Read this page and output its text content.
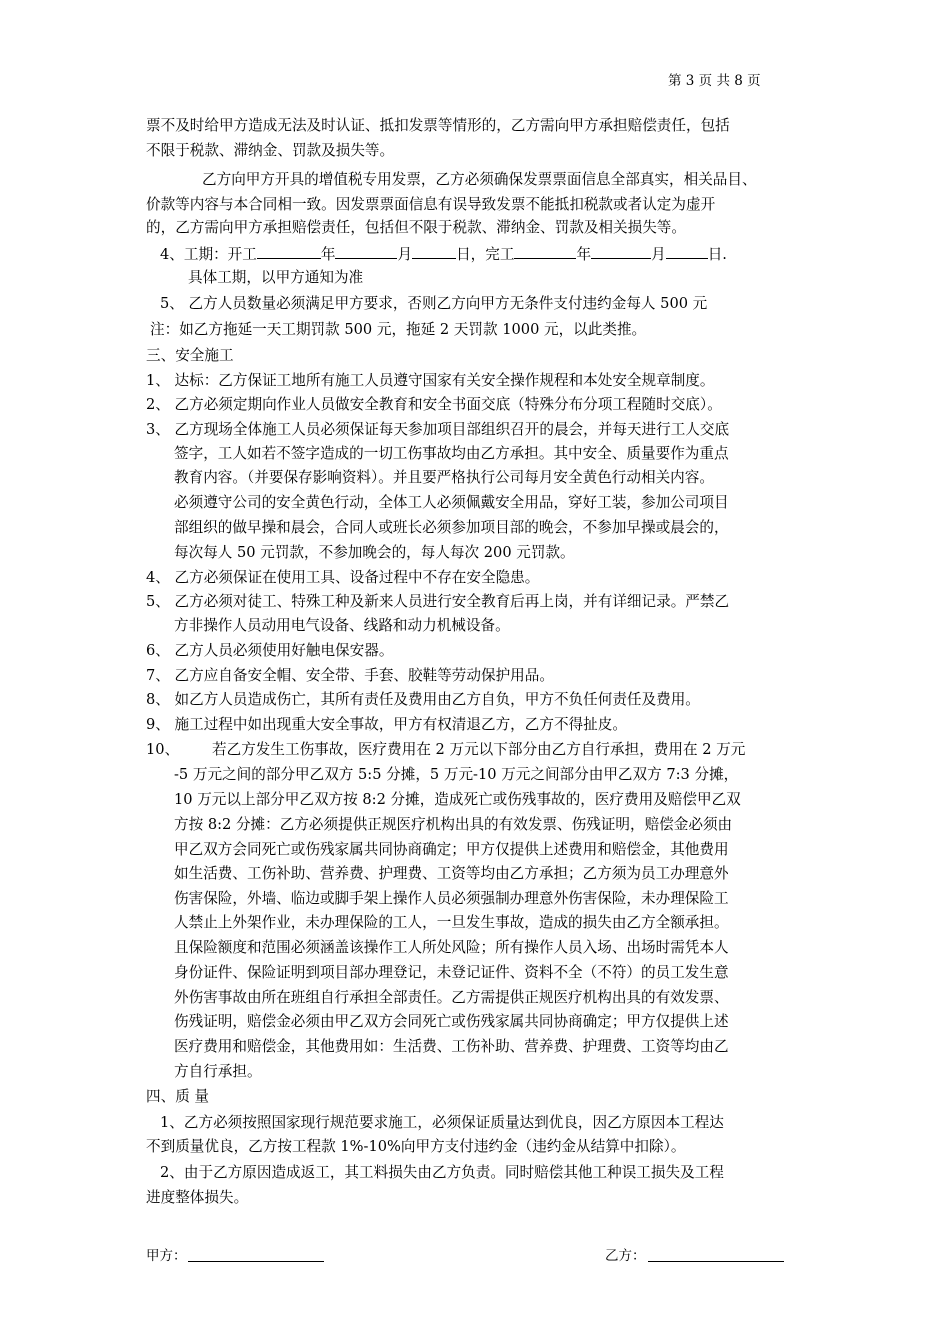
第 3 页 共 8 页
票不及时给甲方造成无法及时认证、抵扣发票等情形的，乙方需向甲方承担赔偿责任，包括
不限于税款、滞纳金、罚款及损失等。
乙方向甲方开具的增值税专用发票，乙方必须确保发票票面信息全部真实，相关品目、
价款等内容与本合同相一致。因发票票面信息有误导致发票不能抵扣税款或者认定为虚开
的，乙方需向甲方承担赔偿责任，包括但不限于税款、滞纳金、罚款及相关损失等。
4、工期：开工	年	月	日，完工	年	月	日.
具体工期，以甲方通知为准
5、 乙方人员数量必须满足甲方要求，否则乙方向甲方无条件支付违约金每人 500 元
注：如乙方拖延一天工期罚款 500 元，拖延 2 天罚款 1000 元，以此类推。
三、安全施工
1、 达标：乙方保证工地所有施工人员遵守国家有关安全操作规程和本处安全规章制度。
2、 乙方必须定期向作业人员做安全教育和安全书面交底（特殊分布分项工程随时交底）。
3、 乙方现场全体施工人员必须保证每天参加项目部组织召开的晨会，并每天进行工人交底
签字，工人如若不签字造成的一切工伤事故均由乙方承担。其中安全、质量要作为重点
教育内容。（并要保存影响资料）。并且要严格执行公司每月安全黄色行动相关内容。
必须遵守公司的安全黄色行动，全体工人必须佩戴安全用品，穿好工装，参加公司项目
部组织的做早操和晨会，合同人或班长必须参加项目部的晚会，不参加早操或晨会的，
每次每人 50 元罚款，不参加晚会的，每人每次 200 元罚款。
4、 乙方必须保证在使用工具、设备过程中不存在安全隐患。
5、 乙方必须对徒工、特殊工种及新来人员进行安全教育后再上岗，并有详细记录。严禁乙
方非操作人员动用电气设备、线路和动力机械设备。
6、 乙方人员必须使用好触电保安器。
7、 乙方应自备安全帽、安全带、手套、胶鞋等劳动保护用品。
8、 如乙方人员造成伤亡，其所有责任及费用由乙方自负，甲方不负任何责任及费用。
9、 施工过程中如出现重大安全事故，甲方有权清退乙方，乙方不得扯皮。
10、 若乙方发生工伤事故，医疗费用在 2 万元以下部分由乙方自行承担，费用在 2 万元
-5 万元之间的部分甲乙双方 5:5 分摊，5 万元-10 万元之间部分由甲乙双方 7:3 分摊，
10 万元以上部分甲乙双方按 8:2 分摊，造成死亡或伤残事故的，医疗费用及赔偿甲乙双
方按 8:2 分摊：乙方必须提供正规医疗机构出具的有效发票、伤残证明，赔偿金必须由
甲乙双方会同死亡或伤残家属共同协商确定；甲方仅提供上述费用和赔偿金，其他费用
如生活费、工伤补助、营养费、护理费、工资等均由乙方承担；乙方须为员工办理意外
伤害保险，外墙、临边或脚手架上操作人员必须强制办理意外伤害保险，未办理保险工
人禁止上外架作业，未办理保险的工人，一旦发生事故，造成的损失由乙方全额承担。
且保险额度和范围必须涵盖该操作工人所处风险；所有操作人员入场、出场时需凭本人
身份证件、保险证明到项目部办理登记，未登记证件、资料不全（不符）的员工发生意
外伤害事故由所在班组自行承担全部责任。乙方需提供正规医疗机构出具的有效发票、
伤残证明，赔偿金必须由甲乙双方会同死亡或伤残家属共同协商确定；甲方仅提供上述
医疗费用和赔偿金，其他费用如：生活费、工伤补助、营养费、护理费、工资等均由乙
方自行承担。
四、质 量
1、乙方必须按照国家现行规范要求施工，必须保证质量达到优良，因乙方原因本工程达
不到质量优良，乙方按工程款 1%-10%向甲方支付违约金（违约金从结算中扣除）。
2、由于乙方原因造成返工，其工料损失由乙方负责。同时赔偿其他工种误工损失及工程
进度整体损失。
甲方：	乙方：
